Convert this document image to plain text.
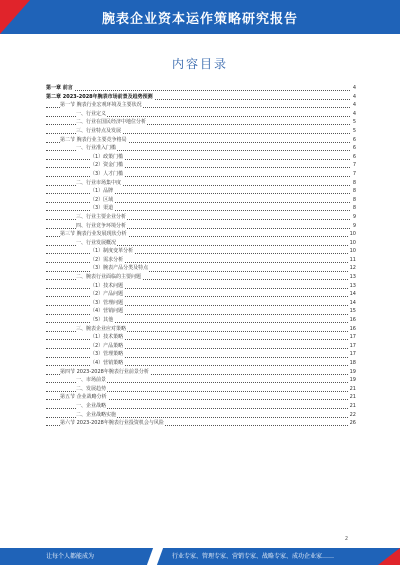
腕表企业资本运作策略研究报告
内容目录
第一章 前言	4
第二章 2023-2028年腕表市场前景及趋势预测	4
第一节 腕表行业宏观环境及主要状况	4
一、行业定义	4
二、行业在国民经济中地位分析	5
三、行业特点及发展	5
第二节 腕表行业主要竞争格局	6
一、行业准入门槛	6
（1）政策门槛	6
（2）资金门槛	7
（3）人才门槛	7
二、行业市场集中度	8
（1）品牌	8
（2）区域	8
（3）渠道	8
三、行业主要企业分析	9
四、行业竞争环境分析	9
第三节 腕表行业发展现状分析	10
一、行业发展概况	10
（1）制度变革分析	10
（2）需求分析	11
（3）腕表产品分类及特点	12
二、腕表行业面临的主要问题	13
（1）技术问题	13
（2）产品问题	14
（3）管理问题	14
（4）营销问题	15
（5）其他	16
三、腕表企业应对策略	16
（1）技术策略	17
（2）产品策略	17
（3）管理策略	17
（4）营销策略	18
第四节 2023-2028年腕表行业前景分析	19
一、市场前景	19
二、发展趋势	21
第五节 企业战略分析	21
一、企业战略	21
二、企业战略实施	22
第六节 2023-2028年腕表行业投资机会与风险	26
2
让每个人都能成为	行业专家、管理专家、营销专家、战略专家、成功企业家……
